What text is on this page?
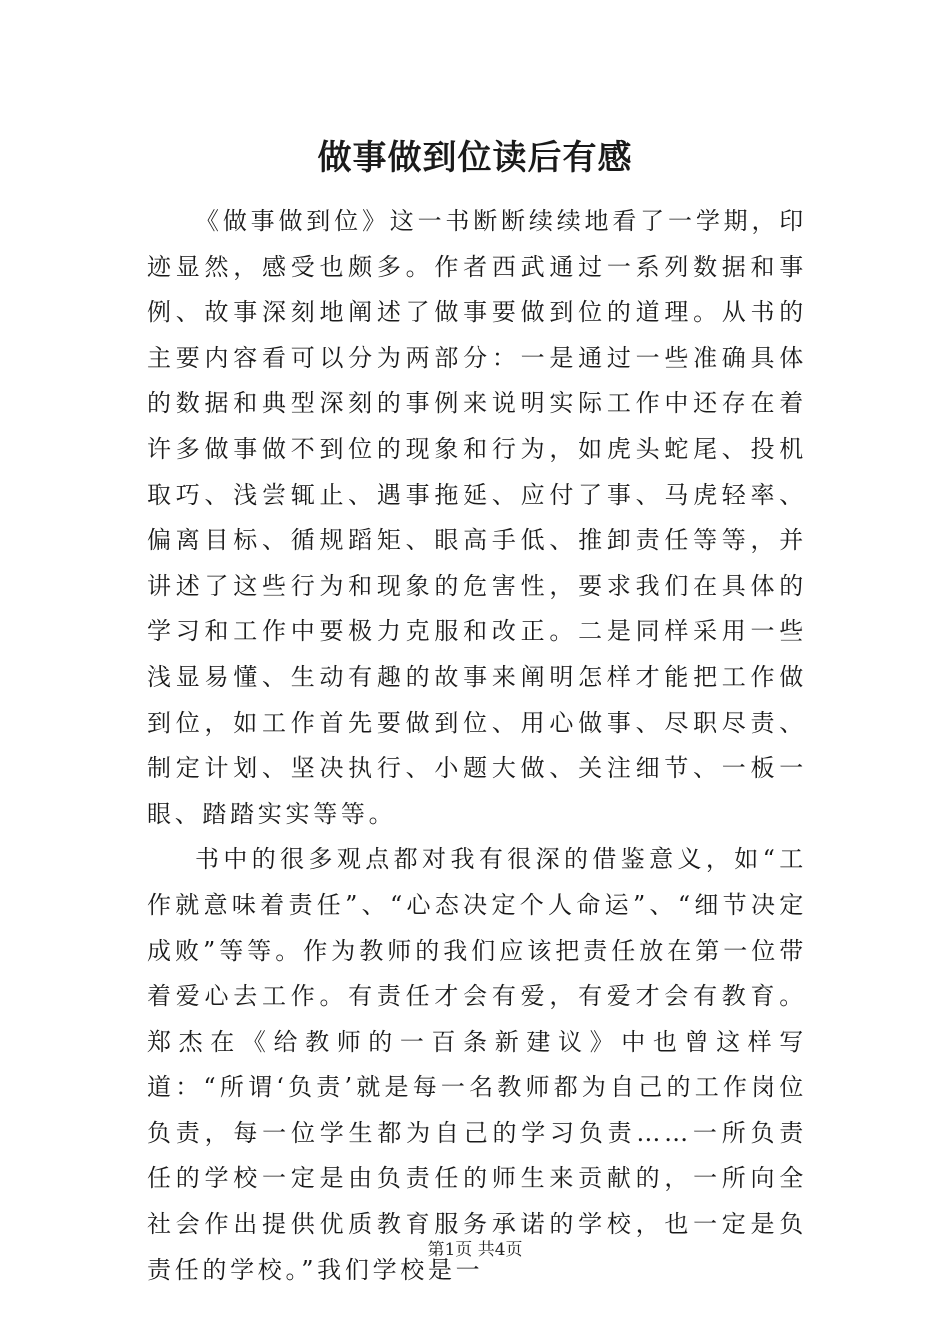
做事做到位读后有感

《做事做到位》这一书断断续续地看了一学期，印迹显然，感受也颇多。作者西武通过一系列数据和事例、故事深刻地阐述了做事要做到位的道理。从书的主要内容看可以分为两部分：一是通过一些准确具体的数据和典型深刻的事例来说明实际工作中还存在着许多做事做不到位的现象和行为，如虎头蛇尾、投机取巧、浅尝辄止、遇事拖延、应付了事、马虎轻率、偏离目标、循规蹈矩、眼高手低、推卸责任等等，并讲述了这些行为和现象的危害性，要求我们在具体的学习和工作中要极力克服和改正。二是同样采用一些浅显易懂、生动有趣的故事来阐明怎样才能把工作做到位，如工作首先要做到位、用心做事、尽职尽责、制定计划、坚决执行、小题大做、关注细节、一板一眼、踏踏实实等等。

书中的很多观点都对我有很深的借鉴意义，如“工作就意味着责任”、“心态决定个人命运”、“细节决定成败”等等。作为教师的我们应该把责任放在第一位带着爱心去工作。有责任才会有爱，有爱才会有教育。郑杰在《给教师的一百条新建议》中也曾这样写道：“所谓‘负责’就是每一名教师都为自己的工作岗位负责，每一位学生都为自己的学习负责……一所负责任的学校一定是由负责任的师生来贡献的，一所向全社会作出提供优质教育服务承诺的学校，也一定是负责任的学校。”我们学校是一

第1页 共4页
